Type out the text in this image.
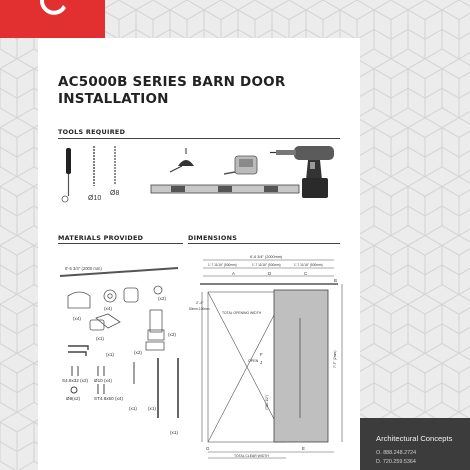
AC5000B SERIES BARN DOOR
INSTALLATION
TOOLS REQUIRED
MATERIALS PROVIDED	DIMENSIONS
Ø10
Ø8
6'-6 3/4" (2000 mm)
(x4)
(x4)
(x2)
(x1)
(x2)
(x2)
(x1)
(x1)
S4.8x32 (x2) Ø10 (x4)
Ø8(x2)	ST4.8x50 (x4)
(x1) (x1)
6'-6 3/4" (2000mm)
1'-7 11/16" (500mm)	1'-7 11/16" (500mm)	1'-7 11/16" (500mm)
2'-4"
50mm-100mm
TOTAL OPENING WIDTH
OPEN	7'-7" (2mm)
(TBD 1/2")
TOTAL CLEAR WIDTH
A
B
C
D
E
F
G
J
Architectural Concepts
O. 888.248.2724
D. 720.259.5364
